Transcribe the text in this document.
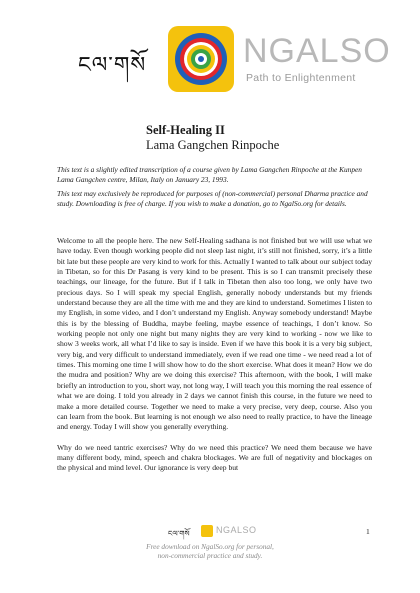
ངལ་གསོ	NGALSO
Path to Enlightenment
Self-Healing II
Lama Gangchen Rinpoche

This text is a slightly edited transcription of a course given by Lama Gangchen Rinpoche at the Kunpen Lama Gangchen centre, Milan, Italy on January 23, 1993.

This text may exclusively be reproduced for purposes of (non-commercial) personal Dharma practice and study. Downloading is free of charge. If you wish to make a donation, go to NgalSo.org for details.

Welcome to all the people here. The new Self-Healing sadhana is not finished but we will use what we have today. Even though working people did not sleep last night, it’s still not finished, sorry, it’s a little bit late but these people are very kind to work for this. Actually I wanted to talk about our subject today in Tibetan, so for this Dr Pasang is very kind to be present. This is so I can transmit precisely these teachings, our lineage, for the future. But if I talk in Tibetan then also too long, we only have two precious days. So I will speak my special English, generally nobody understands but my friends understand because they are all the time with me and they are kind to understand. Sometimes I listen to my English, in some video, and I don’t understand my English. Anyway somebody understand! Maybe this is by the blessing of Buddha, maybe feeling, maybe essence of teachings, I don’t know. So working people not only one night but many nights they are very kind to working - now we like to show 3 weeks work, all what I’d like to say is inside. Even if we have this book it is a very big subject, very big, and very difficult to understand immediately, even if we read one time - we need read a lot of times. This morning one time I will show how to do the short exercise. What does it mean? How we do the mudra and position? Why are we doing this exercise? This afternoon, with the book, I will make briefly an introduction to you, short way, not long way, I will teach you this morning the real essence of what we are doing. I told you already in 2 days we cannot finish this course, in the future we need to make a more detailed course. Together we need to make a very precise, very deep, course. Also you can learn from the book. But learning is not enough we also need to really practice, to have the lineage and energy. Today I will show you generally everything.

Why do we need tantric exercises? Why do we need this practice? We need them because we have many different body, mind, speech and chakra blockages. We are full of negativity and blockages on the physical and mind level. Our ignorance is very deep but

ངལ་གསོ	NGALSO
Free download on NgalSo.org for personal,
non-commercial practice and study.
1
